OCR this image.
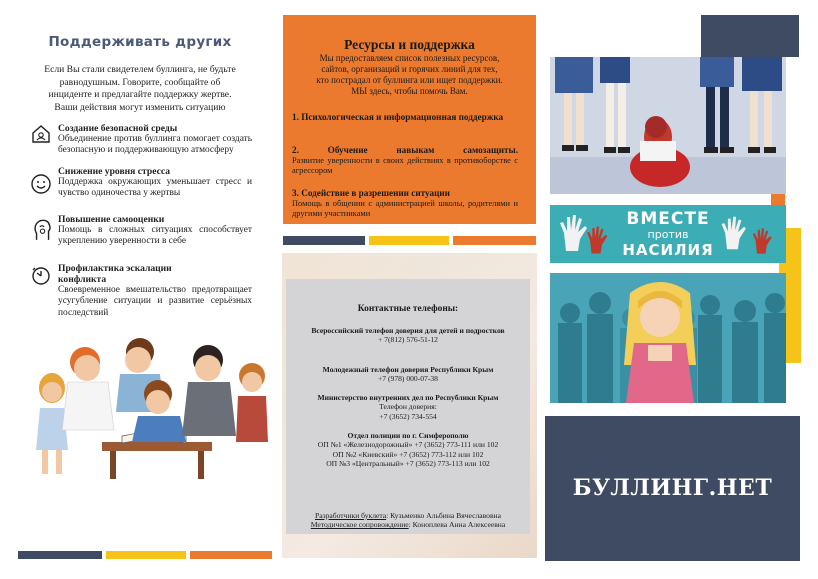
Поддерживать других
Если Вы стали свидетелем буллинга, не будьте
равнодушным. Говорите, сообщайте об
инциденте и предлагайте поддержку жертве.
Ваши действия могут изменить ситуацию
Создание безопасной среды
Объединение против буллинга помогает создать безопасную и поддерживающую атмосферу
Снижение уровня стресса
Поддержка окружающих уменьшает стресс и чувство одиночества у жертвы
Повышение самооценки
Помощь в сложных ситуациях способствует укреплению уверенности в себе
Профилактика эскалации конфликта
Своевременное вмешательство предотвращает усугубление ситуации и развитие серьёзных последствий
Ресурсы и поддержка
Мы предоставляем список полезных ресурсов,
сайтов, организаций и горячих линий для тех,
кто пострадал от буллинга или ищет поддержки.
МЫ здесь, чтобы помочь Вам.
1. Психологическая и информационная поддержка
2. Обучение навыкам самозащиты.
Развитие уверенности в своих действиях в противоборстве с агрессором
3. Содействие в разрешении ситуации
Помощь в общении с администрацией школы, родителями и другими участниками
Контактные телефоны:
Всероссийский телефон доверия для детей и подростков
+ 7(812) 576-51-12
Молодежный телефон доверия Республики Крым
+7 (978) 000-07-38
Министерство внутренних дел по Республики Крым
Телефон доверия:
+7 (3652) 734-554
Отдел полиции по г. Симферополю
ОП №1 «Железнодорожный» +7 (3652) 773-111 или 102
ОП №2 «Киевский» +7 (3652) 773-112 или 102
ОП №3 «Центральный» +7 (3652) 773-113 или 102
Разработчики буклета: Кузьменко Альбина Вячеславовна
Методическое сопровождение: Коноплева Анна Алексеевна
ВМЕСТЕ
против
НАСИЛИЯ
БУЛЛИНГ.НЕТ
